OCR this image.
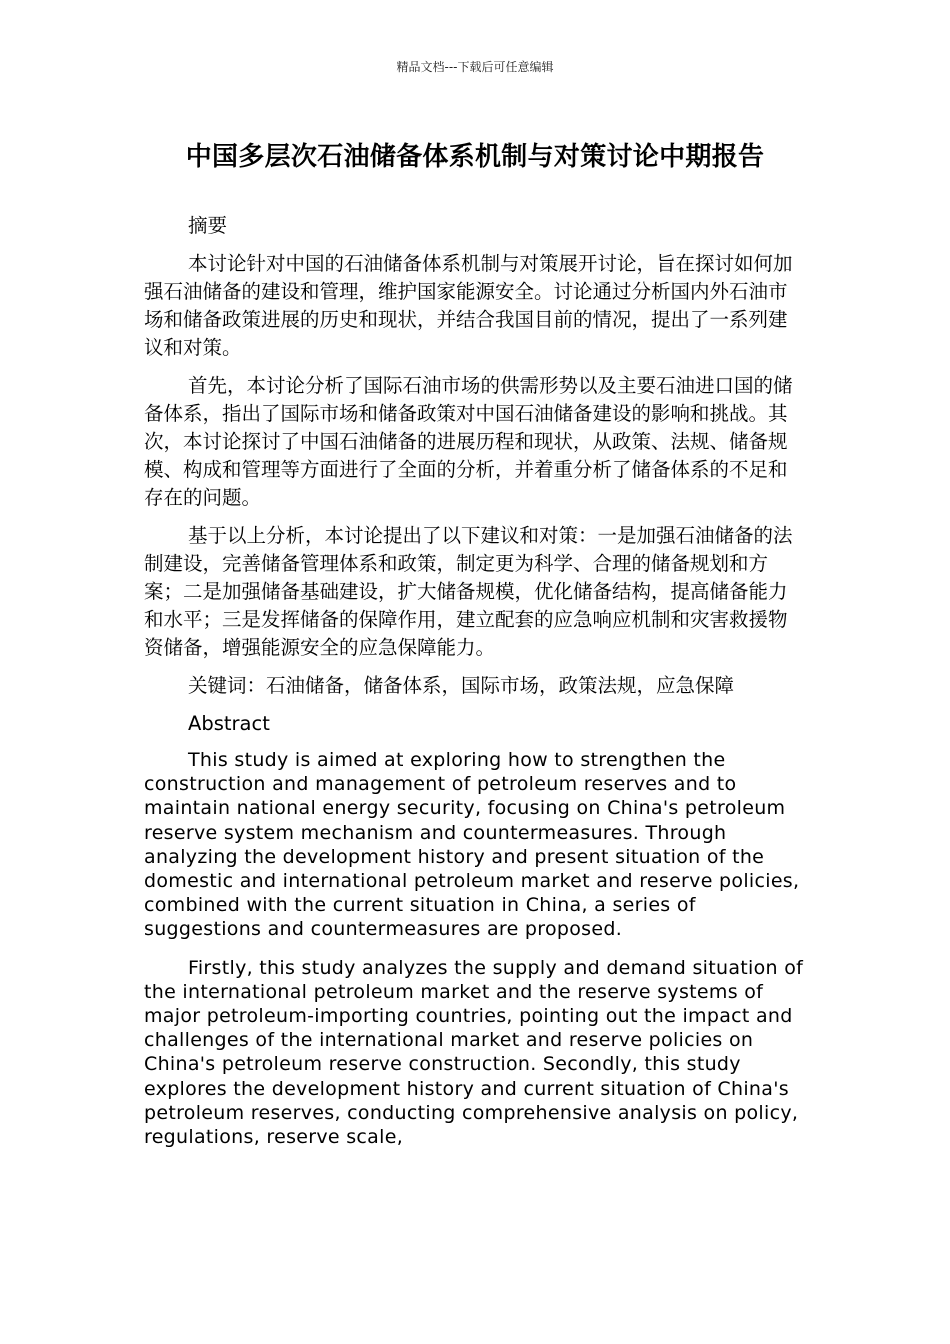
精品文档---下载后可任意编辑
中国多层次石油储备体系机制与对策讨论中期报告

摘要

本讨论针对中国的石油储备体系机制与对策展开讨论，旨在探讨如何加强石油储备的建设和管理，维护国家能源安全。讨论通过分析国内外石油市场和储备政策进展的历史和现状，并结合我国目前的情况，提出了一系列建议和对策。

首先，本讨论分析了国际石油市场的供需形势以及主要石油进口国的储备体系，指出了国际市场和储备政策对中国石油储备建设的影响和挑战。其次，本讨论探讨了中国石油储备的进展历程和现状，从政策、法规、储备规模、构成和管理等方面进行了全面的分析，并着重分析了储备体系的不足和存在的问题。

基于以上分析，本讨论提出了以下建议和对策：一是加强石油储备的法制建设，完善储备管理体系和政策，制定更为科学、合理的储备规划和方案；二是加强储备基础建设，扩大储备规模，优化储备结构，提高储备能力和水平；三是发挥储备的保障作用，建立配套的应急响应机制和灾害救援物资储备，增强能源安全的应急保障能力。

关键词：石油储备，储备体系，国际市场，政策法规，应急保障

Abstract

This study is aimed at exploring how to strengthen the construction and management of petroleum reserves and to maintain national energy security, focusing on China's petroleum reserve system mechanism and countermeasures. Through analyzing the development history and present situation of the domestic and international petroleum market and reserve policies, combined with the current situation in China, a series of suggestions and countermeasures are proposed.

Firstly, this study analyzes the supply and demand situation of the international petroleum market and the reserve systems of major petroleum-importing countries, pointing out the impact and challenges of the international market and reserve policies on China's petroleum reserve construction. Secondly, this study explores the development history and current situation of China's petroleum reserves, conducting comprehensive analysis on policy, regulations, reserve scale,
